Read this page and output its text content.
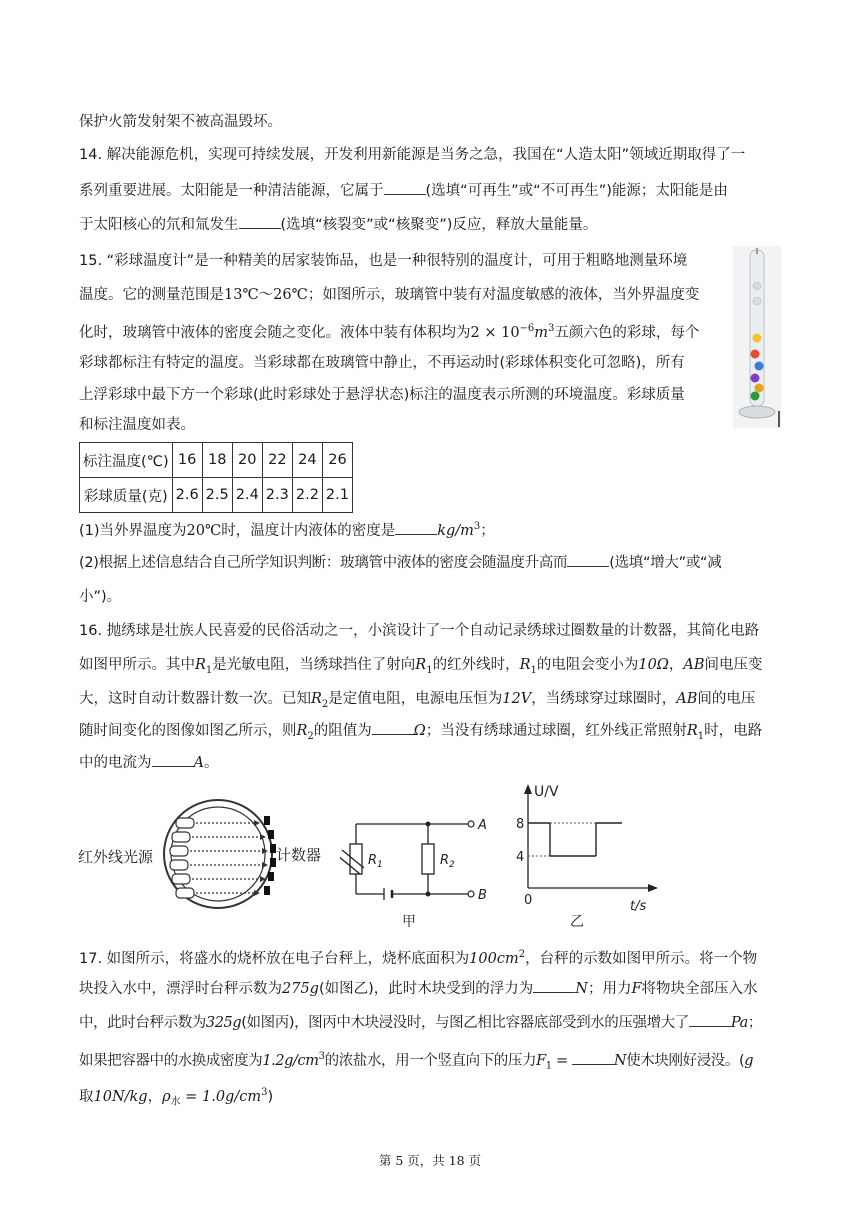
保护火箭发射架不被高温毁坏。

14. 解决能源危机，实现可持续发展，开发利用新能源是当务之急，我国在“人造太阳”领域近期取得了一

系列重要进展。太阳能是一种清洁能源，它属于	(选填“可再生”或“不可再生”)能源；太阳能是由

于太阳核心的氘和氚发生	(选填“核裂变”或“核聚变”)反应，释放大量能量。

15. “彩球温度计”是一种精美的居家装饰品，也是一种很特别的温度计，可用于粗略地测量环境

温度。它的测量范围是13℃～26℃；如图所示，玻璃管中装有对温度敏感的液体，当外界温度变

化时，玻璃管中液体的密度会随之变化。液体中装有体积均为$2 \times 10^{-6}m^3$五颜六色的彩球，每个

彩球都标注有特定的温度。当彩球都在玻璃管中静止，不再运动时(彩球体积变化可忽略)，所有

上浮彩球中最下方一个彩球(此时彩球处于悬浮状态)标注的温度表示所测的环境温度。彩球质量

和标注温度如表。

标注温度(℃)	16	18	20	22	24	26
彩球质量(克)	2.6	2.5	2.4	2.3	2.2	2.1

(1)当外界温度为20℃时，温度计内液体的密度是	$kg/m^3$；

(2)根据上述信息结合自己所学知识判断：玻璃管中液体的密度会随温度升高而	(选填“增大”或“减

小”)。

16. 抛绣球是壮族人民喜爱的民俗活动之一，小滨设计了一个自动记录绣球过圈数量的计数器，其简化电路

如图甲所示。其中$R_1$是光敏电阻，当绣球挡住了射向$R_1$的红外线时，$R_1$的电阻会变小为10Ω，AB间电压变

大，这时自动计数器计数一次。已知$R_2$是定值电阻，电源电压恒为12V，当绣球穿过球圈时，AB间的电压

随时间变化的图像如图乙所示，则$R_2$的阻值为	Ω；当没有绣球通过球圈，红外线正常照射$R_1$时，电路

中的电流为	A。

红外线光源	计数器	$R_1$	$R_2$
A
B
甲
U/V
t/s
8
4
0
乙

17. 如图所示，将盛水的烧杯放在电子台秤上，烧杯底面积为$100cm^2$，台秤的示数如图甲所示。将一个物

块投入水中，漂浮时台秤示数为275g(如图乙)，此时木块受到的浮力为	N；用力F将物块全部压入水

中，此时台秤示数为325g(如图丙)，图丙中木块浸没时，与图乙相比容器底部受到水的压强增大了	Pa；

如果把容器中的水换成密度为$1.2g/cm^3$的浓盐水，用一个竖直向下的压力$F_1$ =	N使木块刚好浸没。(g

取10N/kg，$\rho_水 = 1.0g/cm^3$)

第 5 页，共 18 页
